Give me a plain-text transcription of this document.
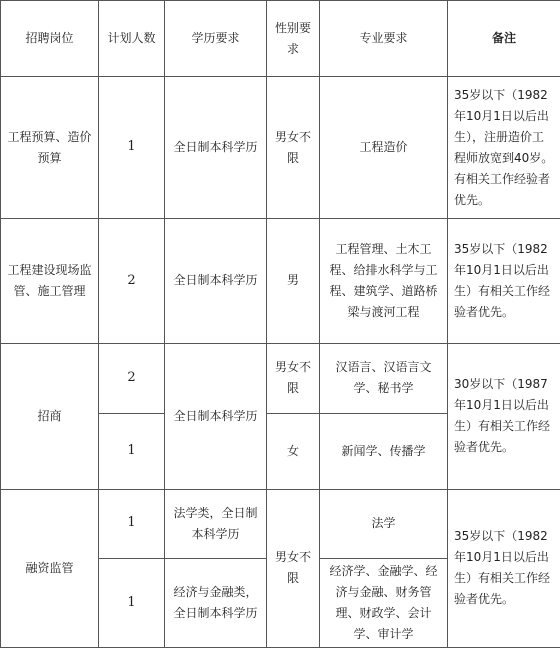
招聘岗位	计划人数	学历要求	性别要求	专业要求	备注
工程预算、造价预算	1	全日制本科学历	男女不限	工程造价	35岁以下（1982年10月1日以后出生），注册造价工程师放宽到40岁。有相关工作经验者优先。
工程建设现场监管、施工管理	2	全日制本科学历	男	工程管理、土木工程、给排水科学与工程、建筑学、道路桥梁与渡河工程	35岁以下（1982年10月1日以后出生）有相关工作经验者优先。
招商	2	全日制本科学历	男女不限	汉语言、汉语言文学、秘书学	30岁以下（1987年10月1日以后出生）有相关工作经验者优先。
	1		女	新闻学、传播学	
融资监管	1	法学类，全日制本科学历	男女不限	法学	35岁以下（1982年10月1日以后出生）有相关工作经验者优先。
	1	经济与金融类，全日制本科学历		经济学、金融学、经济与金融、财务管理、财政学、会计学、审计学	
